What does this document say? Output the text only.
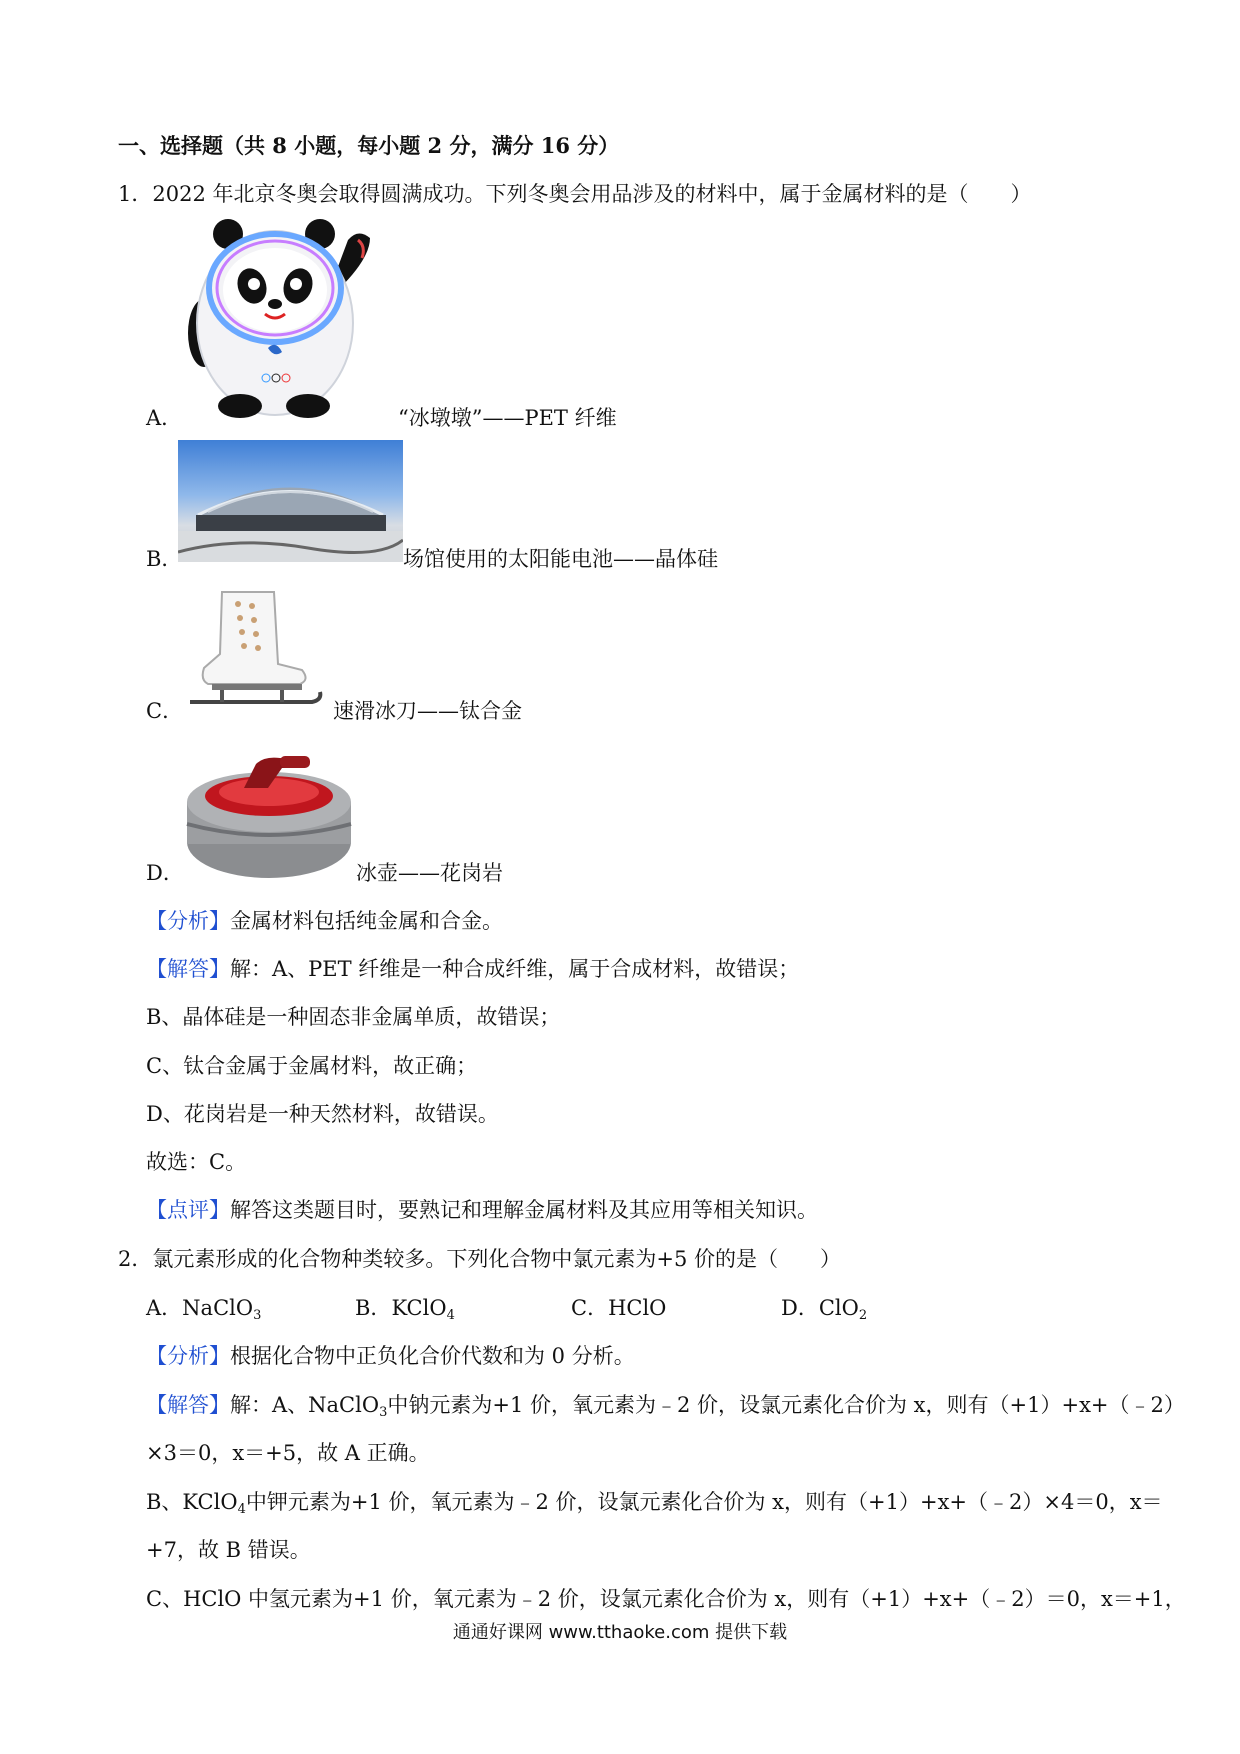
一、选择题（共 8 小题，每小题 2 分，满分 16 分）
1．2022 年北京冬奥会取得圆满成功。下列冬奥会用品涉及的材料中，属于金属材料的是（　　）
A．	“冰墩墩”——PET 纤维
B．	场馆使用的太阳能电池——晶体硅
C．	速滑冰刀——钛合金
D．	冰壶——花岗岩
【分析】金属材料包括纯金属和合金。
【解答】解：A、PET 纤维是一种合成纤维，属于合成材料，故错误；
B、晶体硅是一种固态非金属单质，故错误；
C、钛合金属于金属材料，故正确；
D、花岗岩是一种天然材料，故错误。
故选：C。
【点评】解答这类题目时，要熟记和理解金属材料及其应用等相关知识。
2．氯元素形成的化合物种类较多。下列化合物中氯元素为+5 价的是（　　）
A．NaClO$_3$	B．KClO$_4$	C．HClO	D．ClO$_2$
【分析】根据化合物中正负化合价代数和为 0 分析。
【解答】解：A、NaClO$_3$中钠元素为+1 价，氧元素为﹣2 价，设氯元素化合价为 x，则有（+1）+x+（﹣2）
×3＝0，x＝+5，故 A 正确。
B、KClO$_4$中钾元素为+1 价，氧元素为﹣2 价，设氯元素化合价为 x，则有（+1）+x+（﹣2）×4＝0，x＝
+7，故 B 错误。
C、HClO 中氢元素为+1 价，氧元素为﹣2 价，设氯元素化合价为 x，则有（+1）+x+（﹣2）＝0，x＝+1，
通通好课网 www.tthaoke.com 提供下载
